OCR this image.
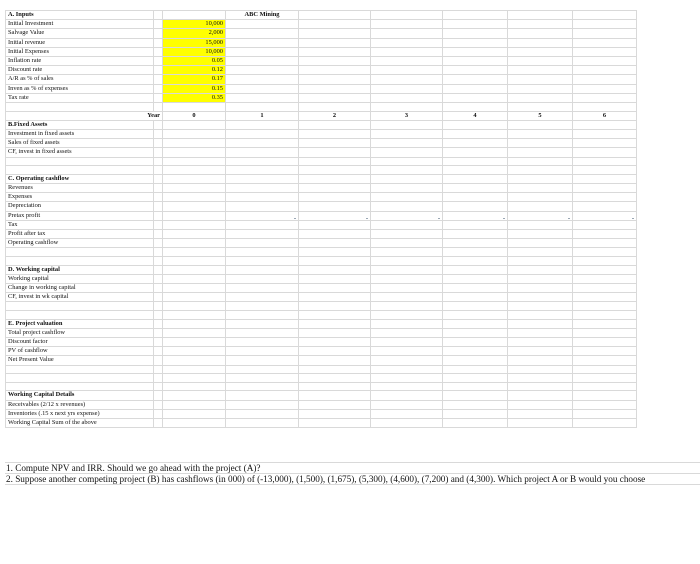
A. Inputs			ABC Mining					
Initial Investment		10,000						
Salvage Value		2,000						
Initial revenue		15,000						
Initial Expenses		10,000						
Inflation rate		0.05						
Discount rate		0.12						
A/R as % of sales		0.17						
Inven as % of expenses		0.15						
Tax rate		0.35						

Year		0	1	2	3	4	5	6
B.Fixed Assets								
Investment in fixed assets								
Sales of fixed assets								
CF, invest in fixed assets								

C. Operating cashflow								
Revenues								
Expenses								
Depreciation								
Pretax profit								
Tax								
Profit after tax								
Operating cashflow								

D. Working capital								
Working capital								
Change in working capital								
CF, invest in wk capital								

E. Project valuation								
Total project cashflow								
Discount factor								
PV of cashflow								
Net Present Value								

Working Capital Details								
Receivables (2/12 x revenues)								
Inventories (.15 x next yrs expense)								
Working Capital Sum of the above								
1. Compute NPV and IRR. Should we go ahead with the project (A)?
2. Suppose another competing project (B) has cashflows (in 000) of (-13,000), (1,500), (1,675), (5,300), (4,600), (7,200) and (4,300). Which project A or B would you choose
